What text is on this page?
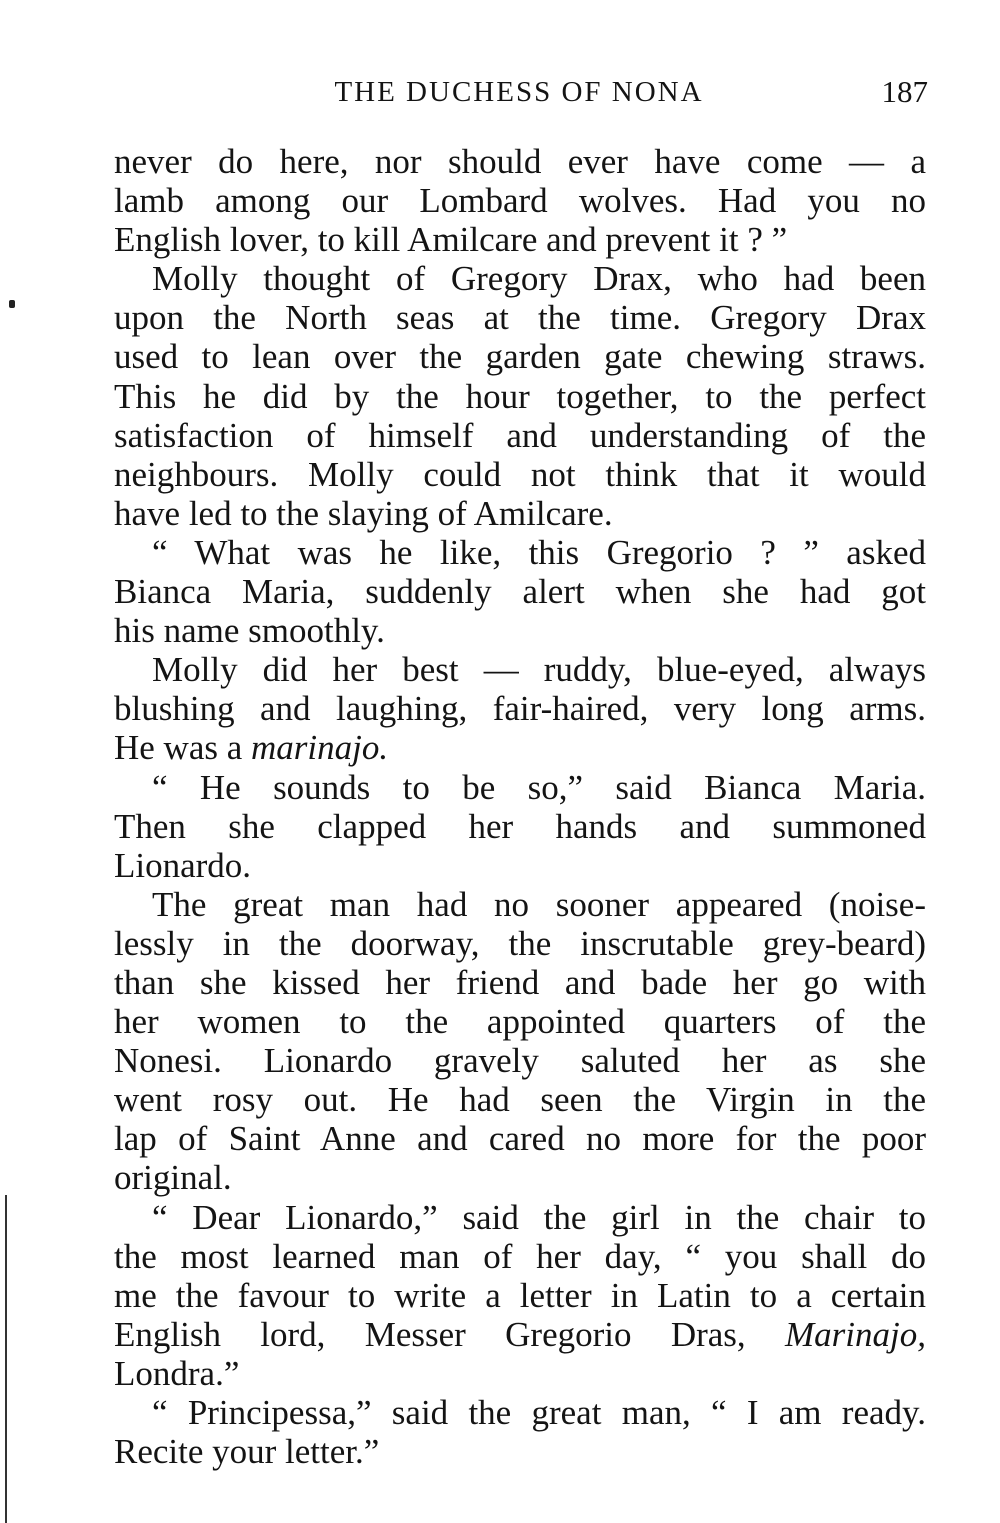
THE DUCHESS OF NONA	187
never do here, nor should ever have come — a
lamb among our Lombard wolves. Had you no
English lover, to kill Amilcare and prevent it ? ”
Molly thought of Gregory Drax, who had been
upon the North seas at the time. Gregory Drax
used to lean over the garden gate chewing straws.
This he did by the hour together, to the perfect
satisfaction of himself and understanding of the
neighbours. Molly could not think that it would
have led to the slaying of Amilcare.
“ What was he like, this Gregorio ? ” asked
Bianca Maria, suddenly alert when she had got
his name smoothly.
Molly did her best — ruddy, blue-eyed, always
blushing and laughing, fair-haired, very long arms.
He was a marinajo.
“ He sounds to be so,” said Bianca Maria.
Then she clapped her hands and summoned
Lionardo.
The great man had no sooner appeared (noise-
lessly in the doorway, the inscrutable grey-beard)
than she kissed her friend and bade her go with
her women to the appointed quarters of the
Nonesi. Lionardo gravely saluted her as she
went rosy out. He had seen the Virgin in the
lap of Saint Anne and cared no more for the poor
original.
“ Dear Lionardo,” said the girl in the chair to
the most learned man of her day, “ you shall do
me the favour to write a letter in Latin to a certain
English lord, Messer Gregorio Dras, Marinajo,
Londra.”
“ Principessa,” said the great man, “ I am ready.
Recite your letter.”
